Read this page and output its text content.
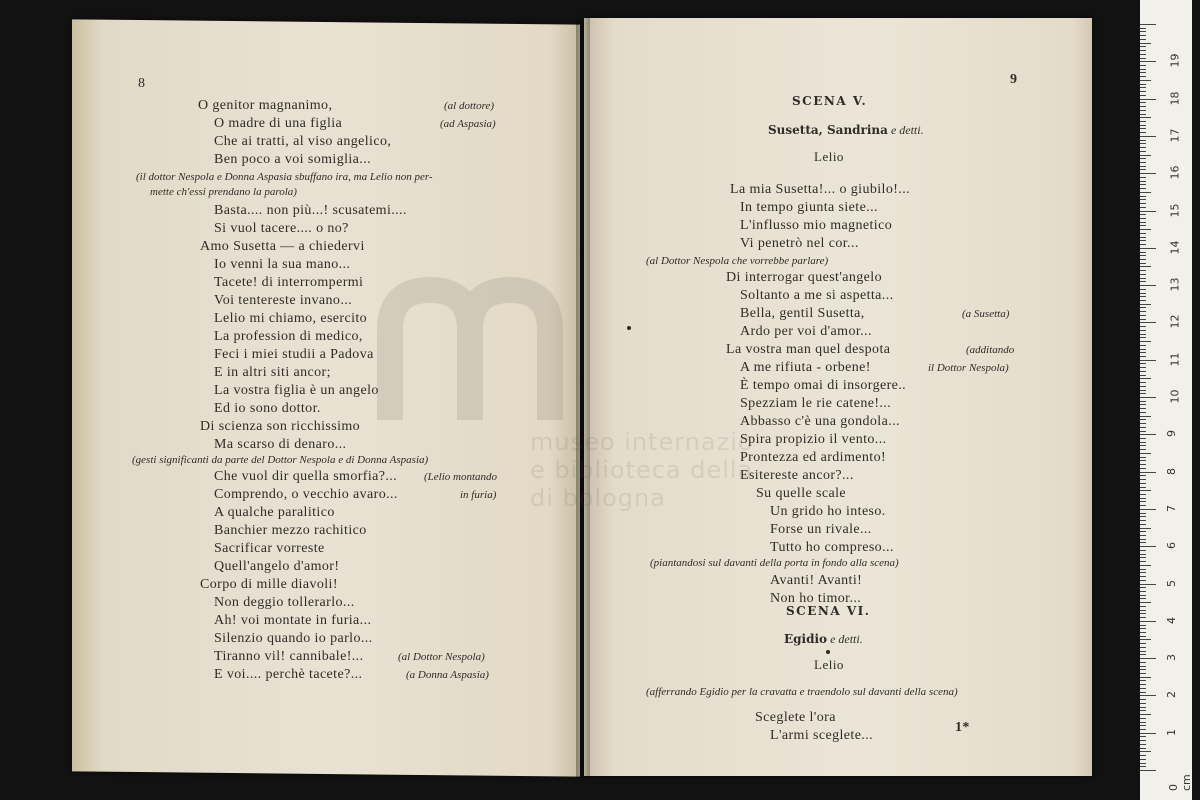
8
O genitor magnanimo,
O madre di una figlia
Che ai tratti, al viso angelico,
Ben poco a voi somiglia...
Basta.... non più...! scusatemi....
Si vuol tacere.... o no?
Amo Susetta — a chiedervi
Io venni la sua mano...
Tacete! di interrompermi
Voi tentereste invano...
Lelio mi chiamo, esercito
La profession di medico,
Feci i miei studii a Padova
E in altri siti ancor;
La vostra figlia è un angelo
Ed io sono dottor.
Di scienza son ricchissimo
Ma scarso di denaro...
Che vuol dir quella smorfia?...
Comprendo, o vecchio avaro...
A qualche paralitico
Banchier mezzo rachitico
Sacrificar vorreste
Quell'angelo d'amor!
Corpo di mille diavoli!
Non deggio tollerarlo...
Ah! voi montate in furia...
Silenzio quando io parlo...
Tiranno vil! cannibale!...
E voi.... perchè tacete?...
(al dottore)
(ad Aspasia)
(il dottor Nespola e Donna Aspasia sbuffano ira, ma Lelio non per-
mette ch'essi prendano la parola)
(gesti significanti da parte del Dottor Nespola e di Donna Aspasia)
(Lelio montando
in furia)
(al Dottor Nespola)
(a Donna Aspasia)
9
SCENA V.
Susetta, Sandrina e detti.
Lelio
SCENA VI.
Egidio e detti.
Lelio
(afferrando Egidio per la cravatta e traendolo sul davanti della scena)
1*
La mia Susetta!... o giubilo!...
In tempo giunta siete...
L'influsso mio magnetico
Vi penetrò nel cor...
Di interrogar quest'angelo
Soltanto a me si aspetta...
Bella, gentil Susetta,
Ardo per voi d'amor...
La vostra man quel despota
A me rifiuta - orbene!
È tempo omai di insorgere..
Spezziam le rie catene!...
Abbasso c'è una gondola...
Spira propizio il vento...
Prontezza ed ardimento!
Esitereste ancor?...
Su quelle scale
Un grido ho inteso.
Forse un rivale...
Tutto ho compreso...
Avanti! Avanti!
Non ho timor...
(al Dottor Nespola che vorrebbe parlare)
(a Susetta)
(additando
il Dottor Nespola)
(piantandosi sul davanti della porta in fondo alla scena)
Sceglete l'ora
L'armi sceglete...
0 cm
1
2
3
4
5
6
7
8
9
10
11
12
13
14
15
16
17
18
19
